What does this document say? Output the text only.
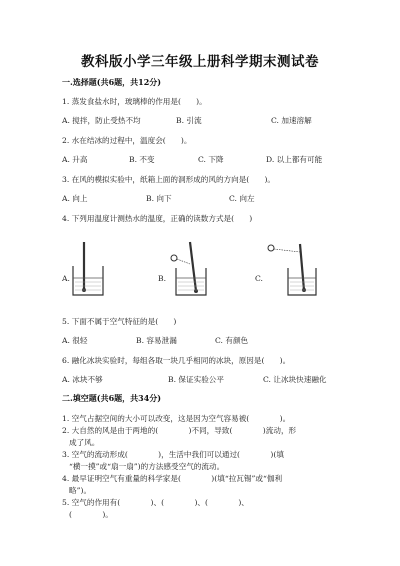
教科版小学三年级上册科学期末测试卷
一.选择题(共6题，共12分)
1. 蒸发食盐水时，玻璃棒的作用是(　　)。
A. 搅拌，防止受热不均	B. 引流	C. 加速溶解
2. 水在结冰的过程中，温度会(　　)。
A. 升高	B. 不变	C. 下降	D. 以上都有可能
3. 在风的模拟实验中，纸箱上面的洞形成的风的方向是(　　)。
A. 向上	B. 向下	C. 向左
4. 下列用温度计测热水的温度，正确的读数方式是(　　)
A.	B.	C.
5. 下面不属于空气特征的是(　　)
A. 很轻	B. 容易泄漏	C. 有颜色
6. 融化冰块实验时，每组各取一块几乎相同的冰块，原因是(　　)。
A. 冰块不够	B. 保证实验公平	C. 让冰块快速融化
二.填空题(共6题，共34分)
1. 空气占据空间的大小可以改变，这是因为空气容易被(　　　　)。
2. 大自然的风是由于两地的(　　　　)不同，导致(　　　　)流动，形
成了风。
3. 空气的流动形成(　　　　)，生活中我们可以通过(　　　　)(填
“横一摸”或“扇一扇”)的方法感受空气的流动。
4. 最早证明空气有重量的科学家是(　　　　)(填“拉瓦锡”或“伽利
略”)。
5. 空气的作用有(　　　　)、(　　　　)、(　　　　)、
(　　　　)。
